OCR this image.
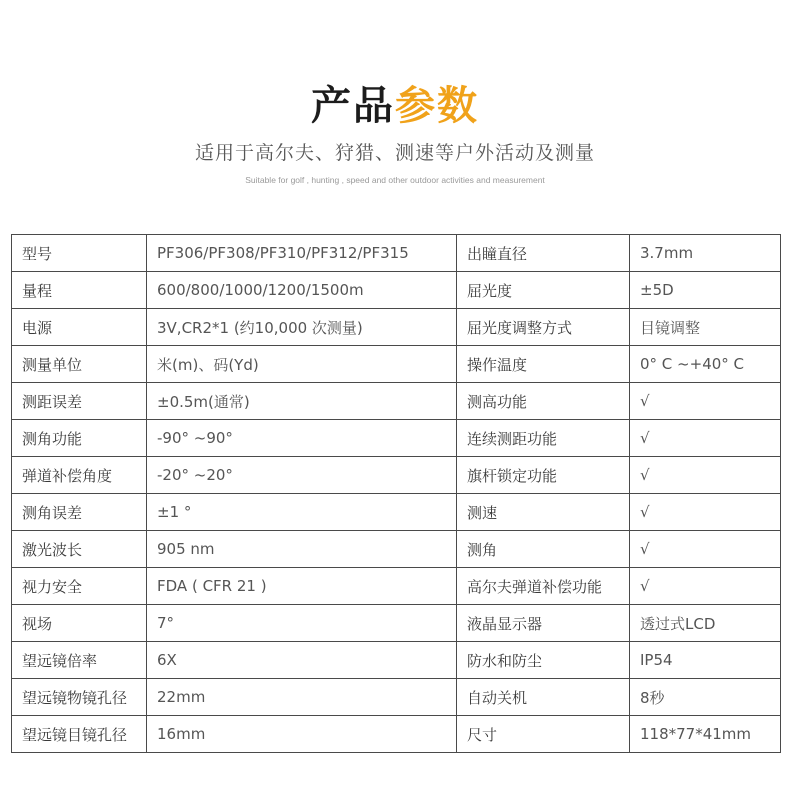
产品参数
适用于高尔夫、狩猎、测速等户外活动及测量
Suitable for golf , hunting , speed and other outdoor activities and measurement
型号	PF306/PF308/PF310/PF312/PF315	出瞳直径	3.7mm
量程	600/800/1000/1200/1500m	屈光度	±5D
电源	3V,CR2*1 (约10,000 次测量)	屈光度调整方式	目镜调整
测量单位	米(m)、码(Yd)	操作温度	0° C ~+40° C
测距误差	±0.5m(通常)	测高功能	√
测角功能	-90° ~90°	连续测距功能	√
弹道补偿角度	-20° ~20°	旗杆锁定功能	√
测角误差	±1 °	测速	√
激光波长	905 nm	测角	√
视力安全	FDA ( CFR 21 )	高尔夫弹道补偿功能	√
视场	7°	液晶显示器	透过式LCD
望远镜倍率	6X	防水和防尘	IP54
望远镜物镜孔径	22mm	自动关机	8秒
望远镜目镜孔径	16mm	尺寸	118*77*41mm
